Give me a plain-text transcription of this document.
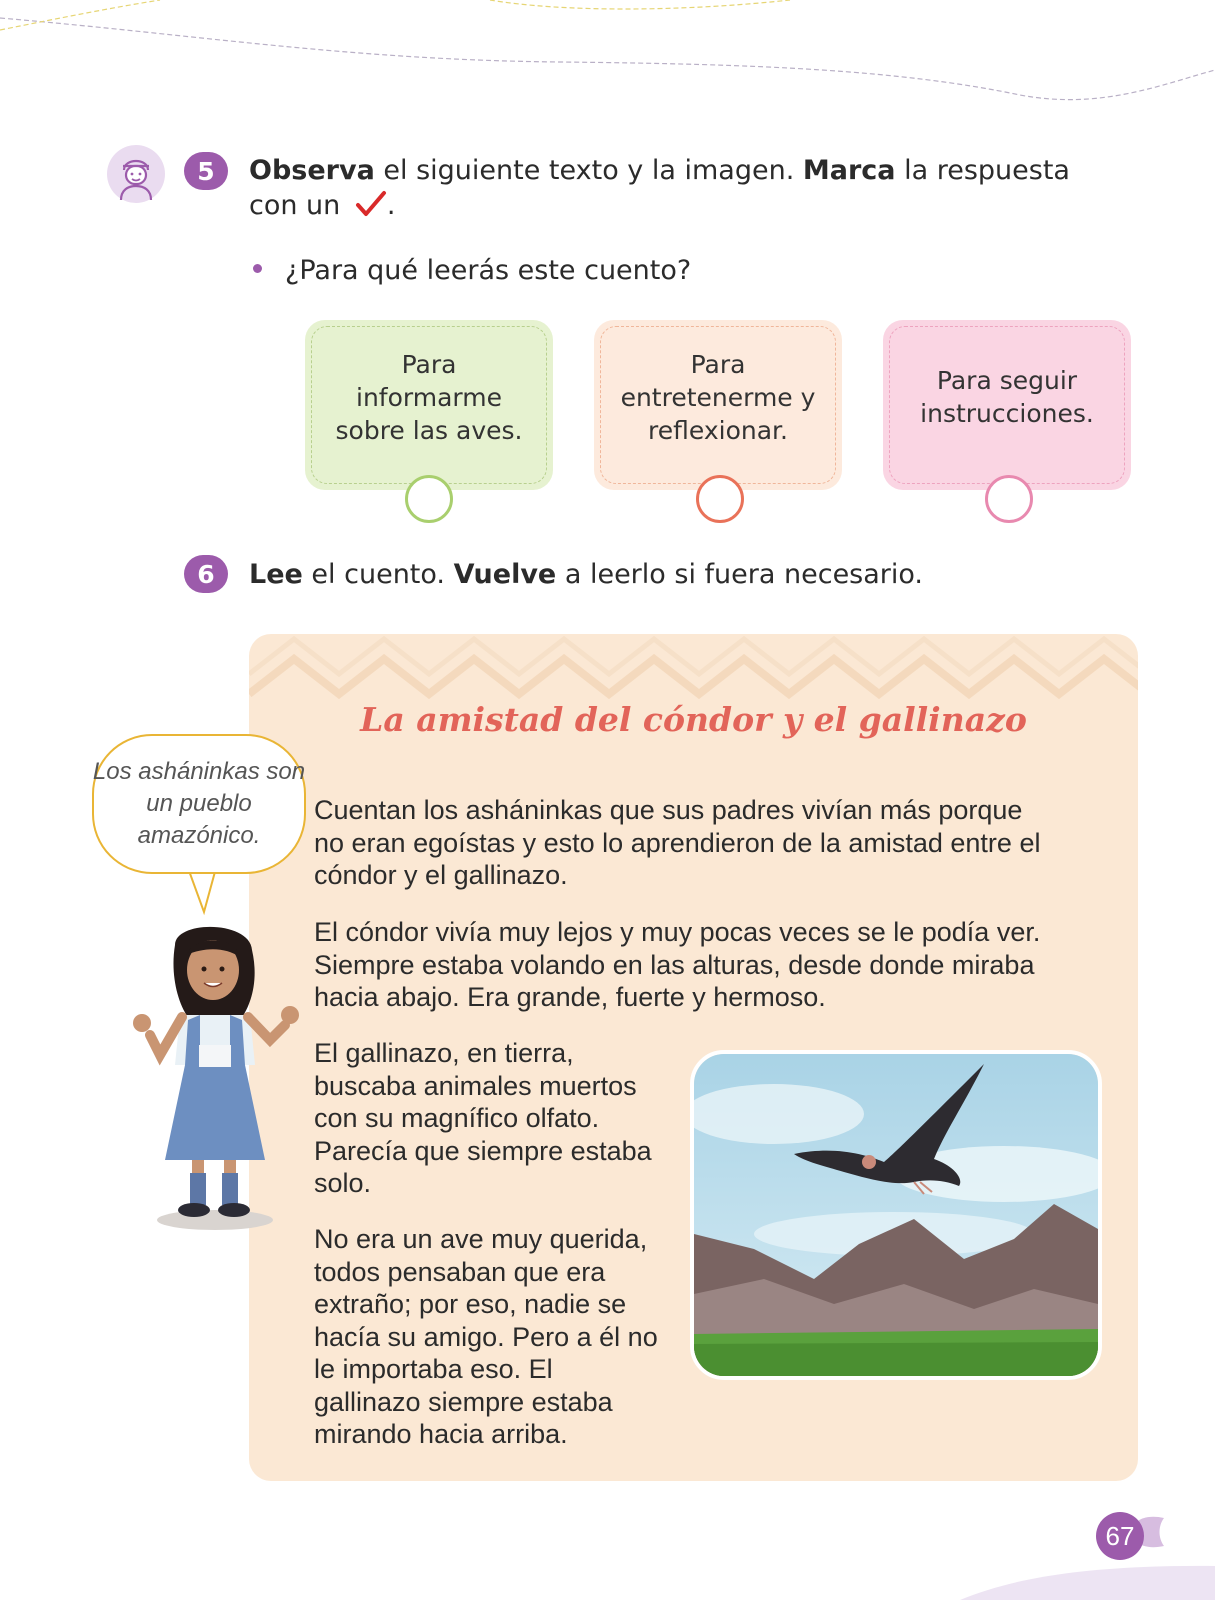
5	Observa el siguiente texto y la imagen. Marca la respuesta
con un .
¿Para qué leerás este cuento?
Para informarme sobre las aves.
Para entretenerme y reflexionar.
Para seguir instrucciones.
6	Lee el cuento. Vuelve a leerlo si fuera necesario.
La amistad del cóndor y el gallinazo
Cuentan los asháninkas que sus padres vivían más porque no eran egoístas y esto lo aprendieron de la amistad entre el cóndor y el gallinazo.
El cóndor vivía muy lejos y muy pocas veces se le podía ver. Siempre estaba volando en las alturas, desde donde miraba hacia abajo. Era grande, fuerte y hermoso.
El gallinazo, en tierra, buscaba animales muertos con su magnífico olfato. Parecía que siempre estaba solo.
No era un ave muy querida, todos pensaban que era extraño; por eso, nadie se hacía su amigo. Pero a él no le importaba eso. El gallinazo siempre estaba mirando hacia arriba.
Los asháninkas son un pueblo amazónico.
67
